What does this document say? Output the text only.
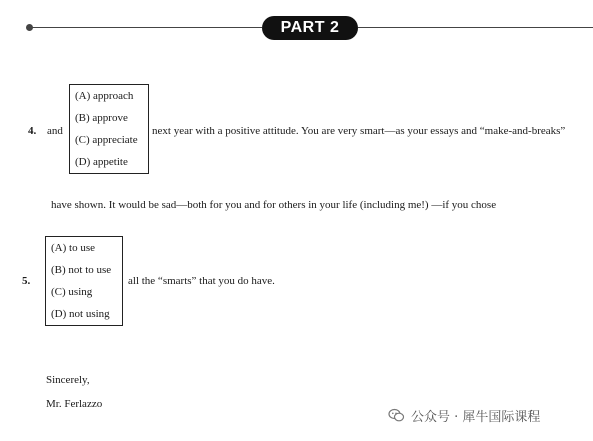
PART 2
4. and
(A) approach
(B) approve
(C) appreciate
(D) appetite
next year with a positive attitude. You are very smart—as your essays and “make-and-breaks”
have shown. It would be sad—both for you and for others in your life (including me!) —if you chose
5.
(A) to use
(B) not to use
(C) using
(D) not using
all the “smarts” that you do have.
Sincerely,
Mr. Ferlazzo
公众号 · 犀牛国际课程
